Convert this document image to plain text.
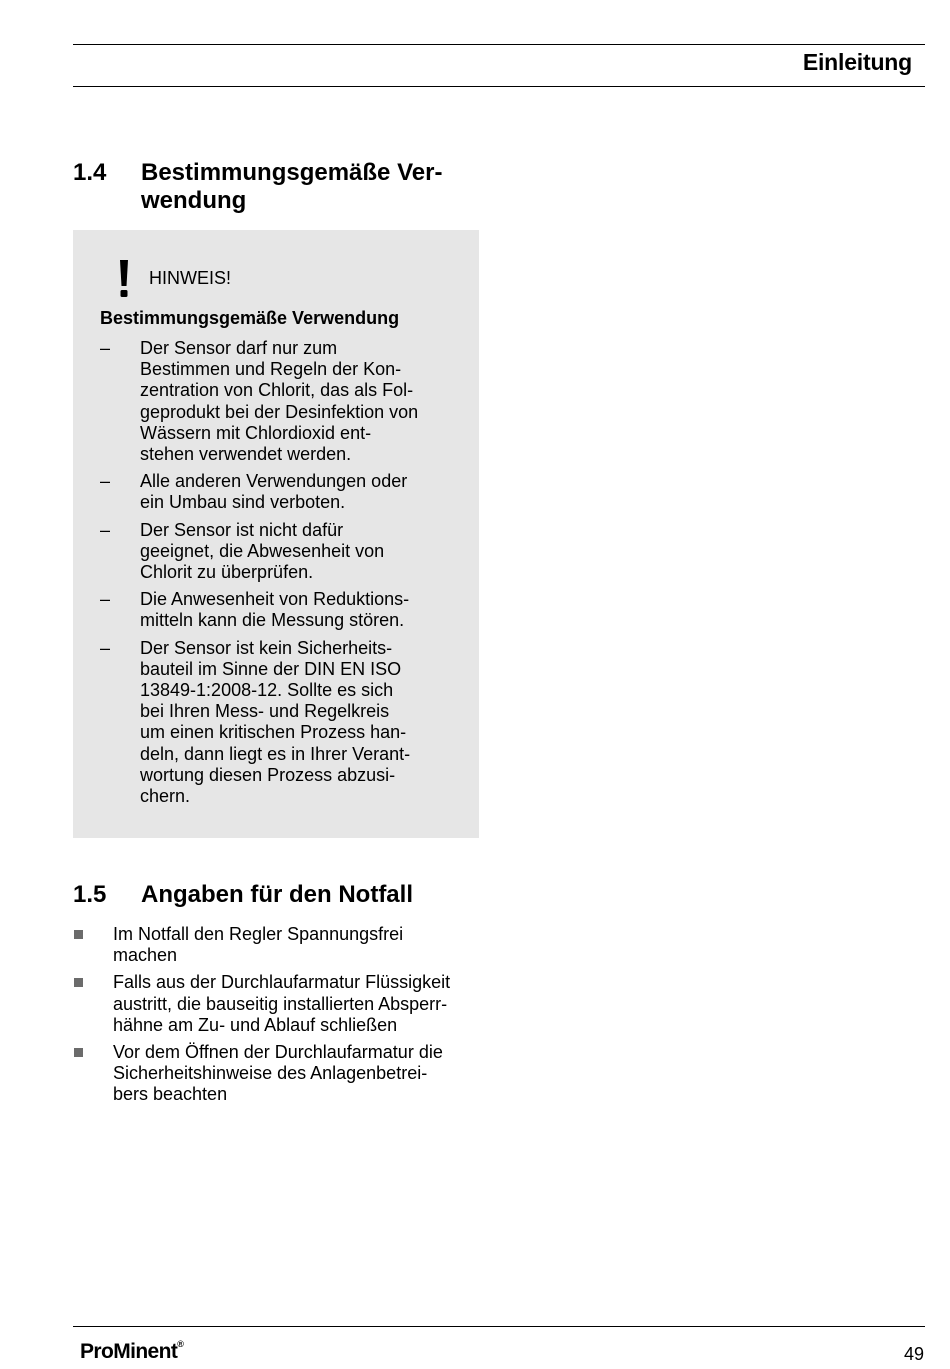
Einleitung
1.4 Bestimmungsgemäße Ver-
wendung
HINWEIS!
Bestimmungsgemäße Verwendung
– Der Sensor darf nur zum
Bestimmen und Regeln der Kon-
zentration von Chlorit, das als Fol-
geprodukt bei der Desinfektion von
Wässern mit Chlordioxid ent-
stehen verwendet werden.
– Alle anderen Verwendungen oder
ein Umbau sind verboten.
– Der Sensor ist nicht dafür
geeignet, die Abwesenheit von
Chlorit zu überprüfen.
– Die Anwesenheit von Reduktions-
mitteln kann die Messung stören.
– Der Sensor ist kein Sicherheits-
bauteil im Sinne der DIN EN ISO
13849-1:2008-12. Sollte es sich
bei Ihren Mess- und Regelkreis
um einen kritischen Prozess han-
deln, dann liegt es in Ihrer Verant-
wortung diesen Prozess abzusi-
chern.
1.5 Angaben für den Notfall
Im Notfall den Regler Spannungsfrei
machen
Falls aus der Durchlaufarmatur Flüssigkeit
austritt, die bauseitig installierten Absperr-
hähne am Zu- und Ablauf schließen
Vor dem Öffnen der Durchlaufarmatur die
Sicherheitshinweise des Anlagenbetrei-
bers beachten
ProMinent®	49
